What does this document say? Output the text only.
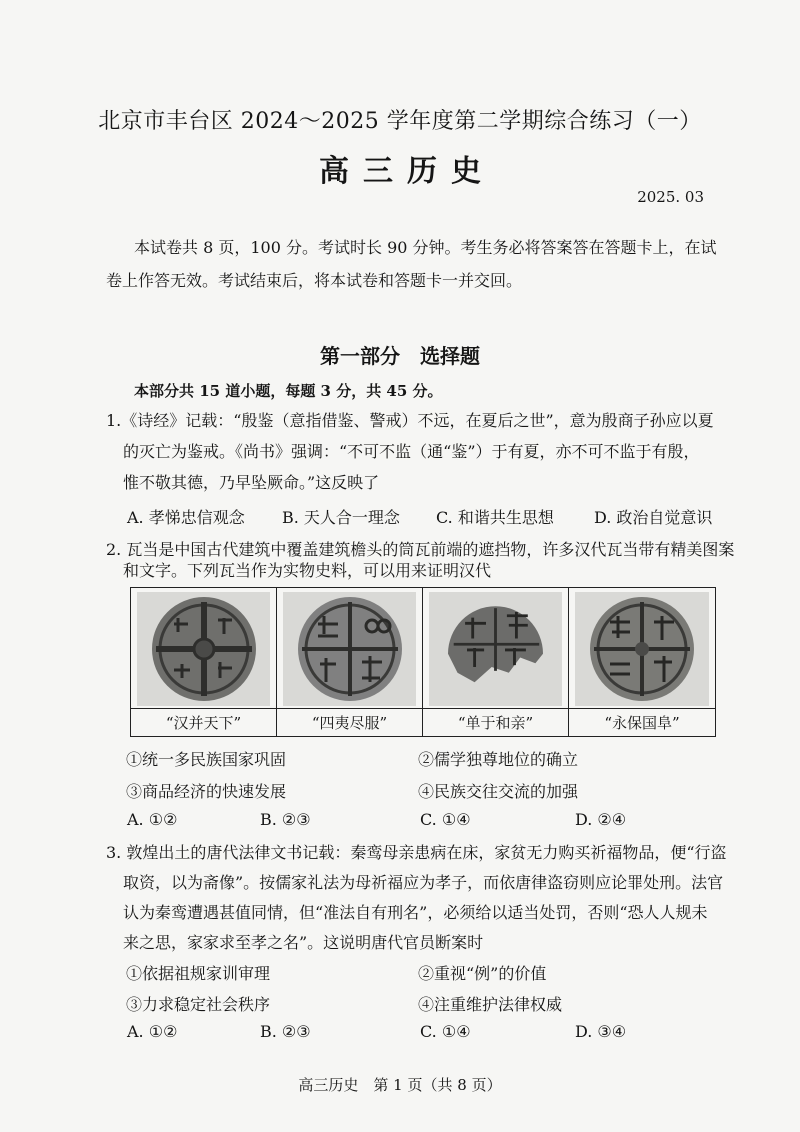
北京市丰台区 2024～2025 学年度第二学期综合练习（一）
高三历史
2025. 03
本试卷共 8 页，100 分。考试时长 90 分钟。考生务必将答案答在答题卡上，在试
卷上作答无效。考试结束后，将本试卷和答题卡一并交回。
第一部分　选择题
本部分共 15 道小题，每题 3 分，共 45 分。
1.《诗经》记载：“殷鉴（意指借鉴、警戒）不远，在夏后之世”，意为殷商子孙应以夏
的灭亡为鉴戒。《尚书》强调：“不可不监（通“鉴”）于有夏，亦不可不监于有殷，
惟不敬其德，乃早坠厥命。”这反映了
A. 孝悌忠信观念 B. 天人合一理念 C. 和谐共生思想	D. 政治自觉意识
2. 瓦当是中国古代建筑中覆盖建筑檐头的筒瓦前端的遮挡物，许多汉代瓦当带有精美图案
和文字。下列瓦当作为实物史料，可以用来证明汉代
“汉并天下”	“四夷尽服”	“单于和亲”	“永保国阜”
①统一多民族国家巩固	②儒学独尊地位的确立
③商品经济的快速发展	④民族交往交流的加强
A. ①②	B. ②③	C. ①④	D. ②④
3. 敦煌出土的唐代法律文书记载：秦鸾母亲患病在床，家贫无力购买祈福物品，便“行盗
取资，以为斋像”。按儒家礼法为母祈福应为孝子，而依唐律盗窃则应论罪处刑。法官
认为秦鸾遭遇甚值同情，但“准法自有刑名”，必须给以适当处罚，否则“恐人人规未
来之思，家家求至孝之名”。这说明唐代官员断案时
①依据祖规家训审理	②重视“例”的价值
③力求稳定社会秩序	④注重维护法律权威
A. ①②	B. ②③	C. ①④	D. ③④
高三历史　第 1 页（共 8 页）
